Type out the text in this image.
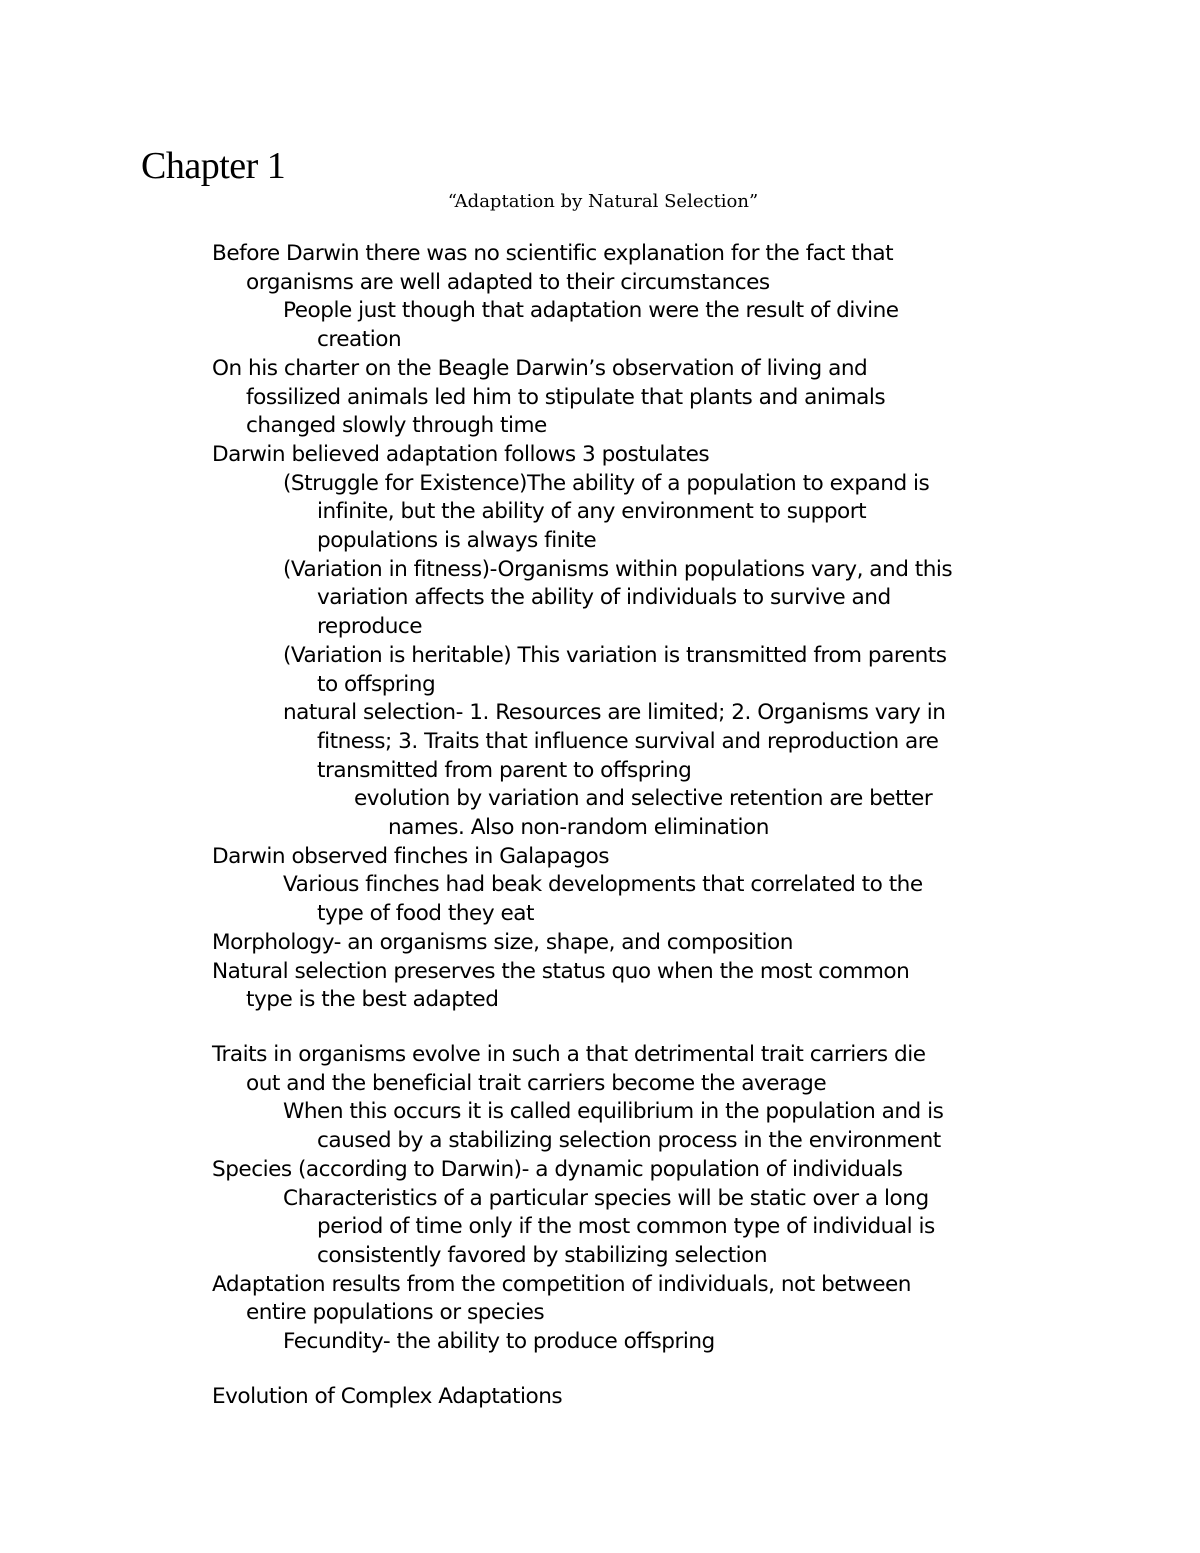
Chapter 1

“Adaptation by Natural Selection”

Before Darwin there was no scientific explanation for the fact that
organisms are well adapted to their circumstances
People just though that adaptation were the result of divine
creation
On his charter on the Beagle Darwin’s observation of living and
fossilized animals led him to stipulate that plants and animals
changed slowly through time
Darwin believed adaptation follows 3 postulates
(Struggle for Existence)The ability of a population to expand is
infinite, but the ability of any environment to support
populations is always finite
(Variation in fitness)-Organisms within populations vary, and this
variation affects the ability of individuals to survive and
reproduce
(Variation is heritable) This variation is transmitted from parents
to offspring
natural selection- 1. Resources are limited; 2. Organisms vary in
fitness; 3. Traits that influence survival and reproduction are
transmitted from parent to offspring
evolution by variation and selective retention are better
names. Also non-random elimination
Darwin observed finches in Galapagos
Various finches had beak developments that correlated to the
type of food they eat
Morphology- an organisms size, shape, and composition
Natural selection preserves the status quo when the most common
type is the best adapted
Traits in organisms evolve in such a that detrimental trait carriers die
out and the beneficial trait carriers become the average
When this occurs it is called equilibrium in the population and is
caused by a stabilizing selection process in the environment
Species (according to Darwin)- a dynamic population of individuals
Characteristics of a particular species will be static over a long
period of time only if the most common type of individual is
consistently favored by stabilizing selection
Adaptation results from the competition of individuals, not between
entire populations or species
Fecundity- the ability to produce offspring
Evolution of Complex Adaptations
